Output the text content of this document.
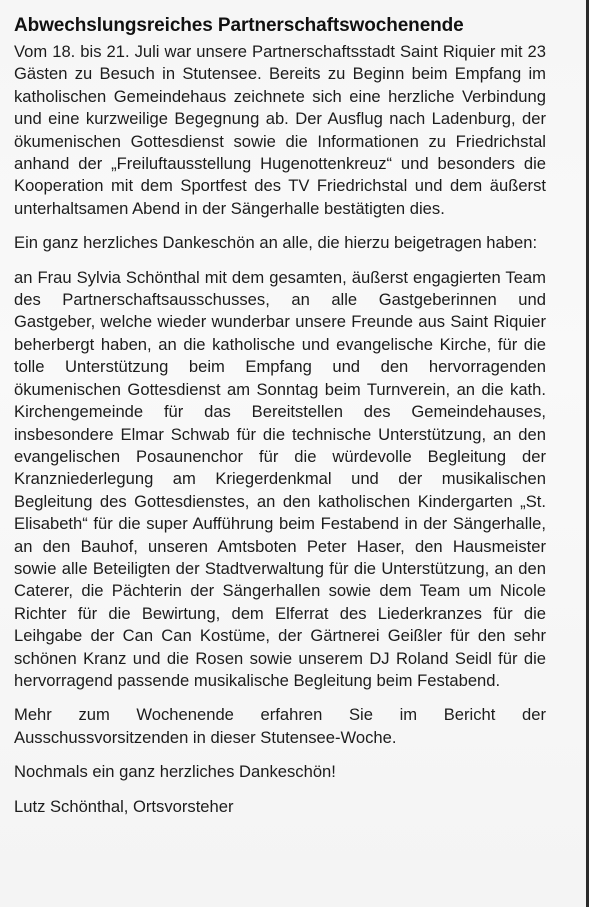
Abwechslungsreiches Partnerschaftswochenende
Vom 18. bis 21. Juli war unsere Partnerschaftsstadt Saint Riquier mit 23 Gästen zu Besuch in Stutensee. Bereits zu Beginn beim Empfang im katholischen Gemeindehaus zeichnete sich eine herzliche Verbindung und eine kurzweilige Begegnung ab. Der Ausflug nach Ladenburg, der ökumenischen Gottesdienst sowie die Informationen zu Friedrichstal anhand der „Freiluftausstellung Hugenottenkreuz“ und besonders die Kooperation mit dem Sportfest des TV Friedrichstal und dem äußerst unterhaltsamen Abend in der Sängerhalle bestätigten dies.
Ein ganz herzliches Dankeschön an alle, die hierzu beigetragen haben:
an Frau Sylvia Schönthal mit dem gesamten, äußerst engagierten Team des Partnerschaftsausschusses, an alle Gastgeberinnen und Gastgeber, welche wieder wunderbar unsere Freunde aus Saint Riquier beherbergt haben, an die katholische und evangelische Kirche, für die tolle Unterstützung beim Empfang und den hervorragenden ökumenischen Gottesdienst am Sonntag beim Turnverein, an die kath. Kirchengemeinde für das Bereitstellen des Gemeindehauses, insbesondere Elmar Schwab für die technische Unterstützung, an den evangelischen Posaunenchor für die würdevolle Begleitung der Kranzniederlegung am Kriegerdenkmal und der musikalischen Begleitung des Gottesdienstes, an den katholischen Kindergarten „St. Elisabeth“ für die super Aufführung beim Festabend in der Sängerhalle, an den Bauhof, unseren Amtsboten Peter Haser, den Hausmeister sowie alle Beteiligten der Stadtverwaltung für die Unterstützung, an den Caterer, die Pächterin der Sängerhallen sowie dem Team um Nicole Richter für die Bewirtung, dem Elferrat des Liederkranzes für die Leihgabe der Can Can Kostüme, der Gärtnerei Geißler für den sehr schönen Kranz und die Rosen sowie unserem DJ Roland Seidl für die hervorragend passende musikalische Begleitung beim Festabend.
Mehr zum Wochenende erfahren Sie im Bericht der Ausschussvorsitzenden in dieser Stutensee-Woche.
Nochmals ein ganz herzliches Dankeschön!
Lutz Schönthal, Ortsvorsteher
